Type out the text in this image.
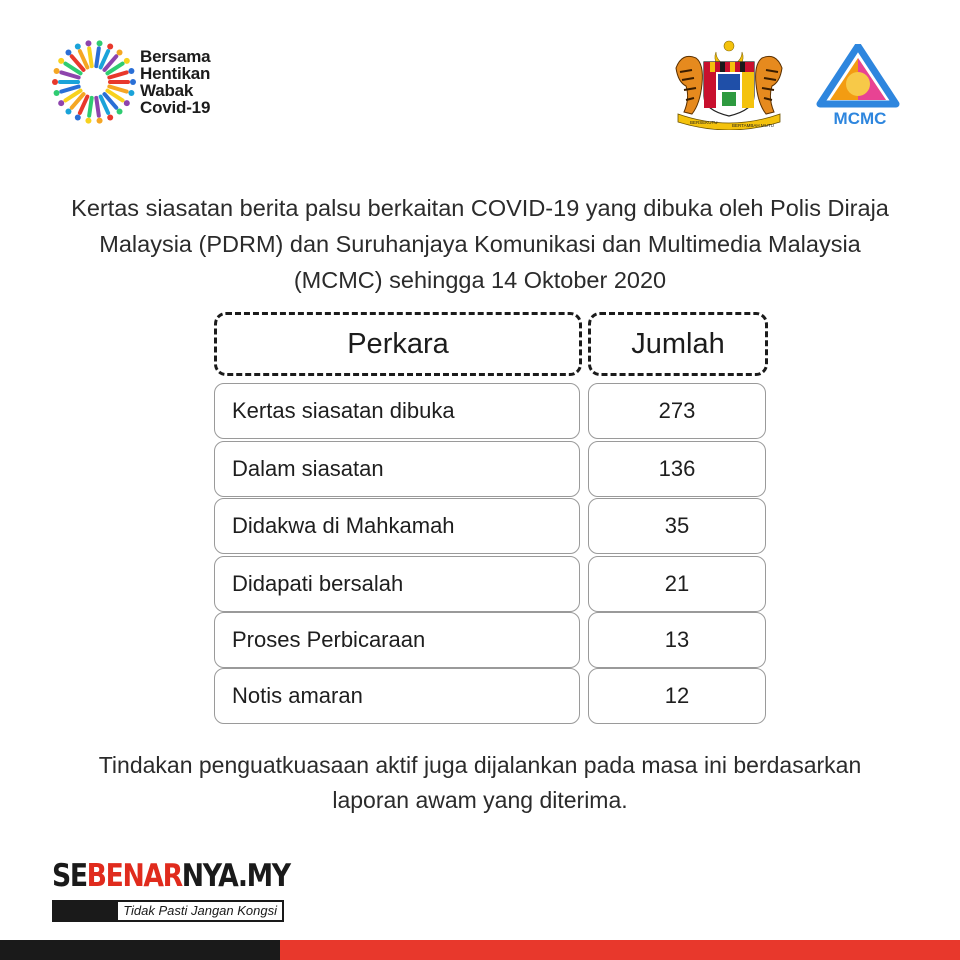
Bersama
Hentikan
Wabak
Covid-19
BERSEKUTU
BERTAMBAH MUTU	MCMC

Kertas siasatan berita palsu berkaitan COVID-19 yang dibuka oleh Polis Diraja Malaysia (PDRM) dan Suruhanjaya Komunikasi dan Multimedia Malaysia (MCMC) sehingga 14 Oktober 2020

Perkara	Jumlah
Kertas siasatan dibuka	273
Dalam siasatan	136
Didakwa di Mahkamah	35
Didapati bersalah	21
Proses Perbicaraan	13
Notis amaran	12
Tindakan penguatkuasaan aktif juga dijalankan pada masa ini berdasarkan laporan awam yang diterima.
SEBENARNYA.MY
Tidak Pasti Jangan Kongsi
